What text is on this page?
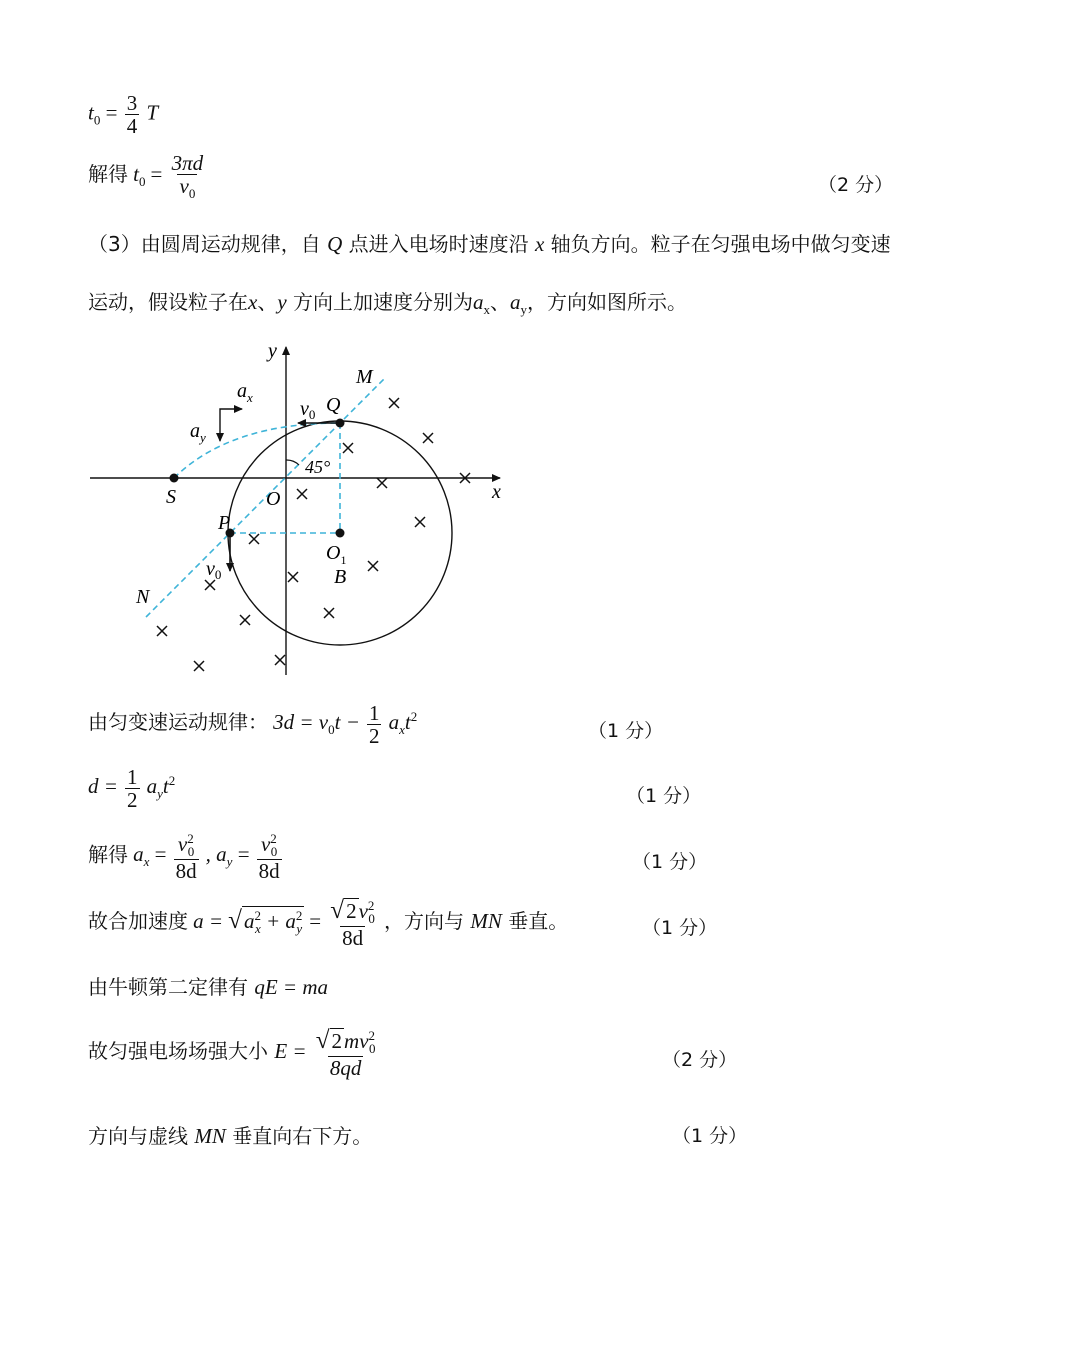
$t_0 = \frac{3}{4}$ T
解得 $t_0 = \frac{3\pi d}{v_0}$	（2 分）
（3）由圆周运动规律，自 Q 点进入电场时速度沿 x 轴负方向。粒子在匀强电场中做匀变速
运动，假设粒子在x、y 方向上加速度分别为$a_x$、$a_y$，方向如图所示。
y
x
M
N
S	O
P
Q
$O_1$
B
$v_0$
$v_0$
$a_x$
$a_y$
45°
由匀变速运动规律： $3d = v_0t - \frac{1}{2} a_xt^2$
（1 分）
$d = \frac{1}{2} a_yt^2$
（1 分）
解得 $a_x = \frac{v^2_0}{8d}$ , $a_y = \frac{v^2_0}{8d}$	（1 分）
故合加速度 $a = √a^2_x + a^2_y = \frac{√2v^2_0}{8d}$ ，方向与 MN 垂直。	（1 分）
由牛顿第二定律有 qE = ma
故匀强电场场强大小 $E = \frac{√2mv^2_0}{8qd}$	（2 分）
方向与虚线 MN 垂直向右下方。	（1 分）
